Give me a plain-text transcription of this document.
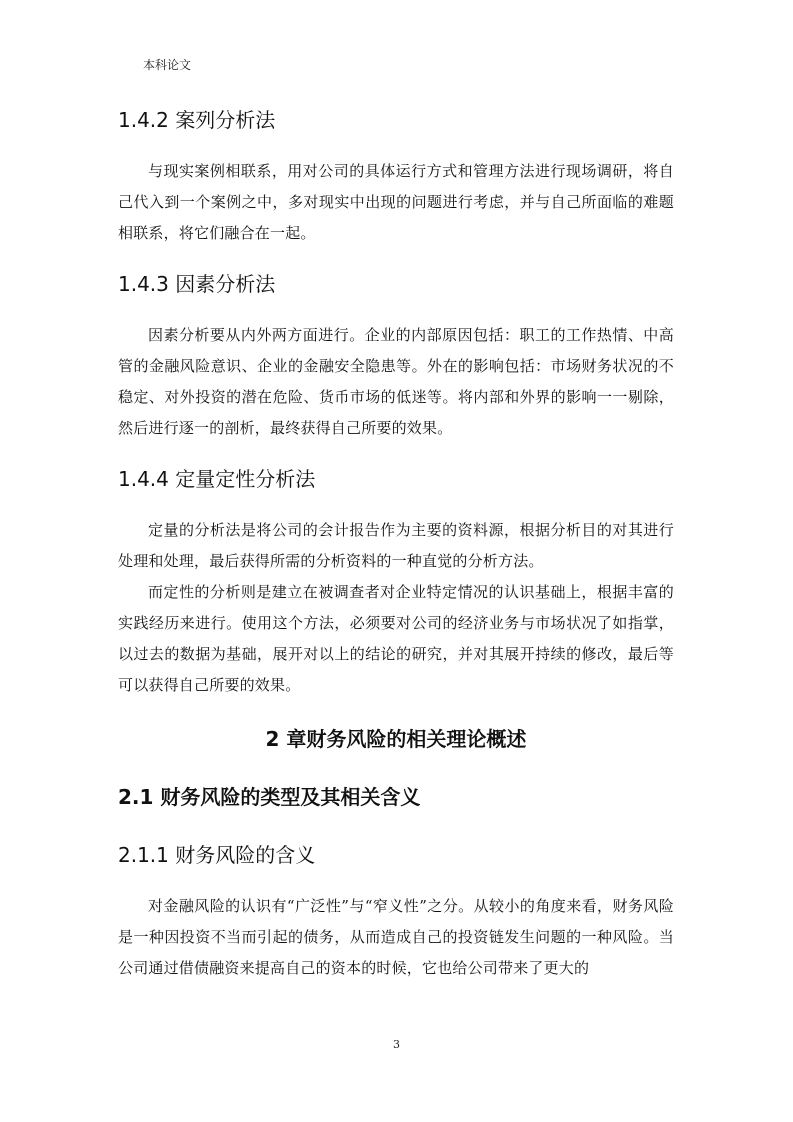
本科论文
1.4.2 案列分析法

与现实案例相联系，用对公司的具体运行方式和管理方法进行现场调研，将自己代入到一个案例之中，多对现实中出现的问题进行考虑，并与自己所面临的难题相联系，将它们融合在一起。

1.4.3 因素分析法

因素分析要从内外两方面进行。企业的内部原因包括：职工的工作热情、中高管的金融风险意识、企业的金融安全隐患等。外在的影响包括：市场财务状况的不稳定、对外投资的潜在危险、货币市场的低迷等。将内部和外界的影响一一剔除，然后进行逐一的剖析，最终获得自己所要的效果。

1.4.4 定量定性分析法

定量的分析法是将公司的会计报告作为主要的资料源，根据分析目的对其进行处理和处理，最后获得所需的分析资料的一种直觉的分析方法。

而定性的分析则是建立在被调查者对企业特定情况的认识基础上，根据丰富的实践经历来进行。使用这个方法，必须要对公司的经济业务与市场状况了如指掌，以过去的数据为基础，展开对以上的结论的研究，并对其展开持续的修改，最后等可以获得自己所要的效果。

2 章财务风险的相关理论概述
2.1 财务风险的类型及其相关含义
2.1.1 财务风险的含义

对金融风险的认识有“广泛性”与“窄义性”之分。从较小的角度来看，财务风险是一种因投资不当而引起的债务，从而造成自己的投资链发生问题的一种风险。当公司通过借债融资来提高自己的资本的时候，它也给公司带来了更大的

3
